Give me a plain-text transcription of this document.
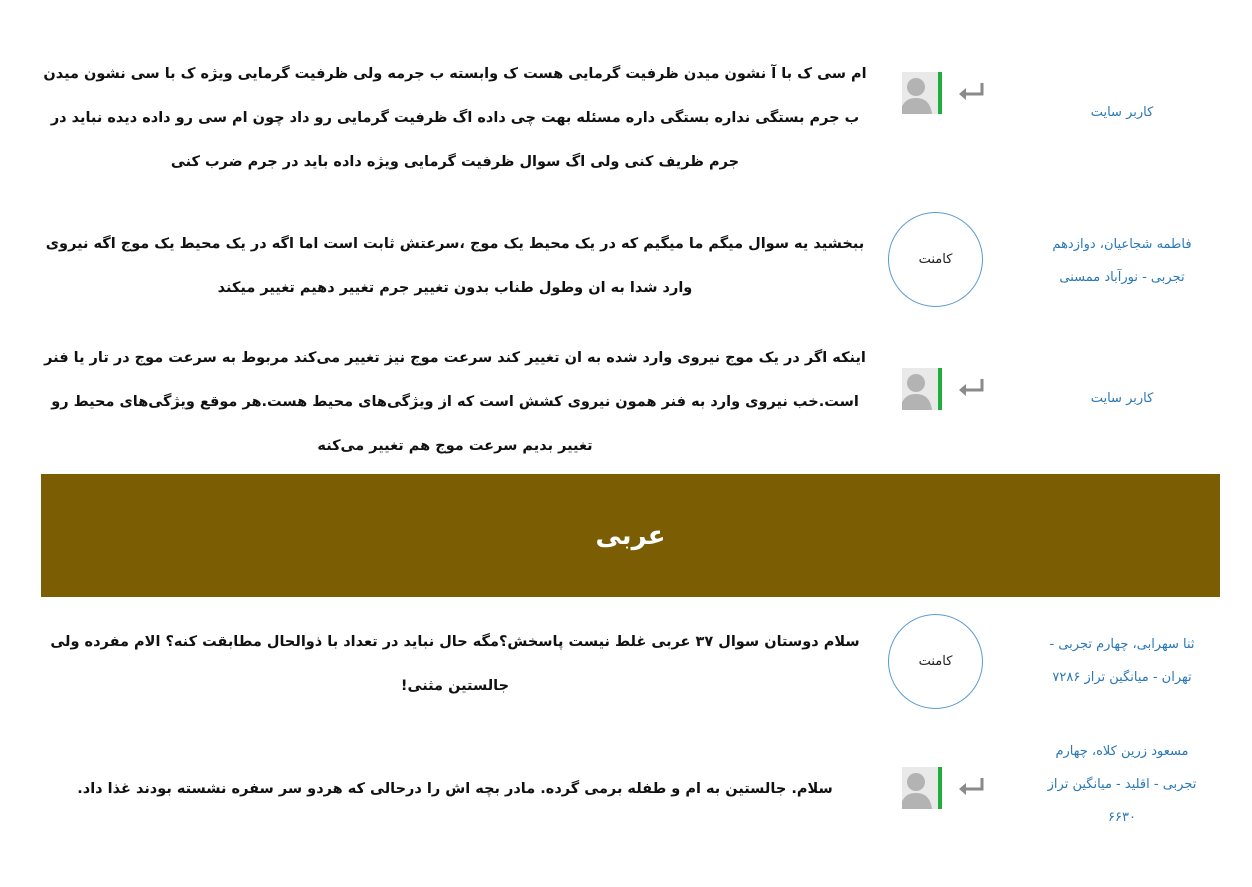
کاربر سایت
ام سی ک با آ نشون میدن ظرفیت گرمایی هست ک وابسته ب جرمه ولی ظرفیت گرمایی ویژه ک با سی نشون میدن ب جرم بستگی نداره بستگی داره مسئله بهت چی داده اگ ظرفیت گرمایی رو داد چون ام سی رو داده دیده نباید در جرم ظریف کنی ولی اگ سوال ظرفیت گرمایی ویژه داده باید در جرم ضرب کنی
فاطمه شجاعیان، دوازدهم
تجربی - نورآباد ممسنی
کامنت
ببخشید یه سوال میگم ما میگیم که در یک محیط یک موج ،سرعتش ثابت است اما اگه در یک محیط یک موج اگه نیروی وارد شدا به ان وطول طناب بدون تغییر جرم تغییر دهیم تغییر میکند
کاربر سایت
اینکه اگر در یک موج نیروی وارد شده به ان تغییر کند سرعت موج نیز تغییر می‌کند مربوط به سرعت موج در تار یا فنر است.خب نیروی وارد به فنر همون نیروی کشش است که از ویژگی‌های محیط هست.هر موقع ویژگی‌های محیط رو تغییر بدیم سرعت موج هم تغییر می‌کنه
عربی
ثنا سهرابی، چهارم تجربی -
تهران - میانگین تراز ۷۲۸۶
کامنت
سلام دوستان سوال ۳۷ عربی غلط نیست پاسخش؟مگه حال نباید در تعداد با ذوالحال مطابقت کنه؟ الام مفرده ولی جالستین مثنی!
مسعود زرین کلاه، چهارم
تجربی - اقلید - میانگین تراز
۶۶۳۰
سلام. جالستین به ام و طفله برمی گرده. مادر بچه اش را درحالی که هردو سر سفره نشسته بودند غذا داد.
